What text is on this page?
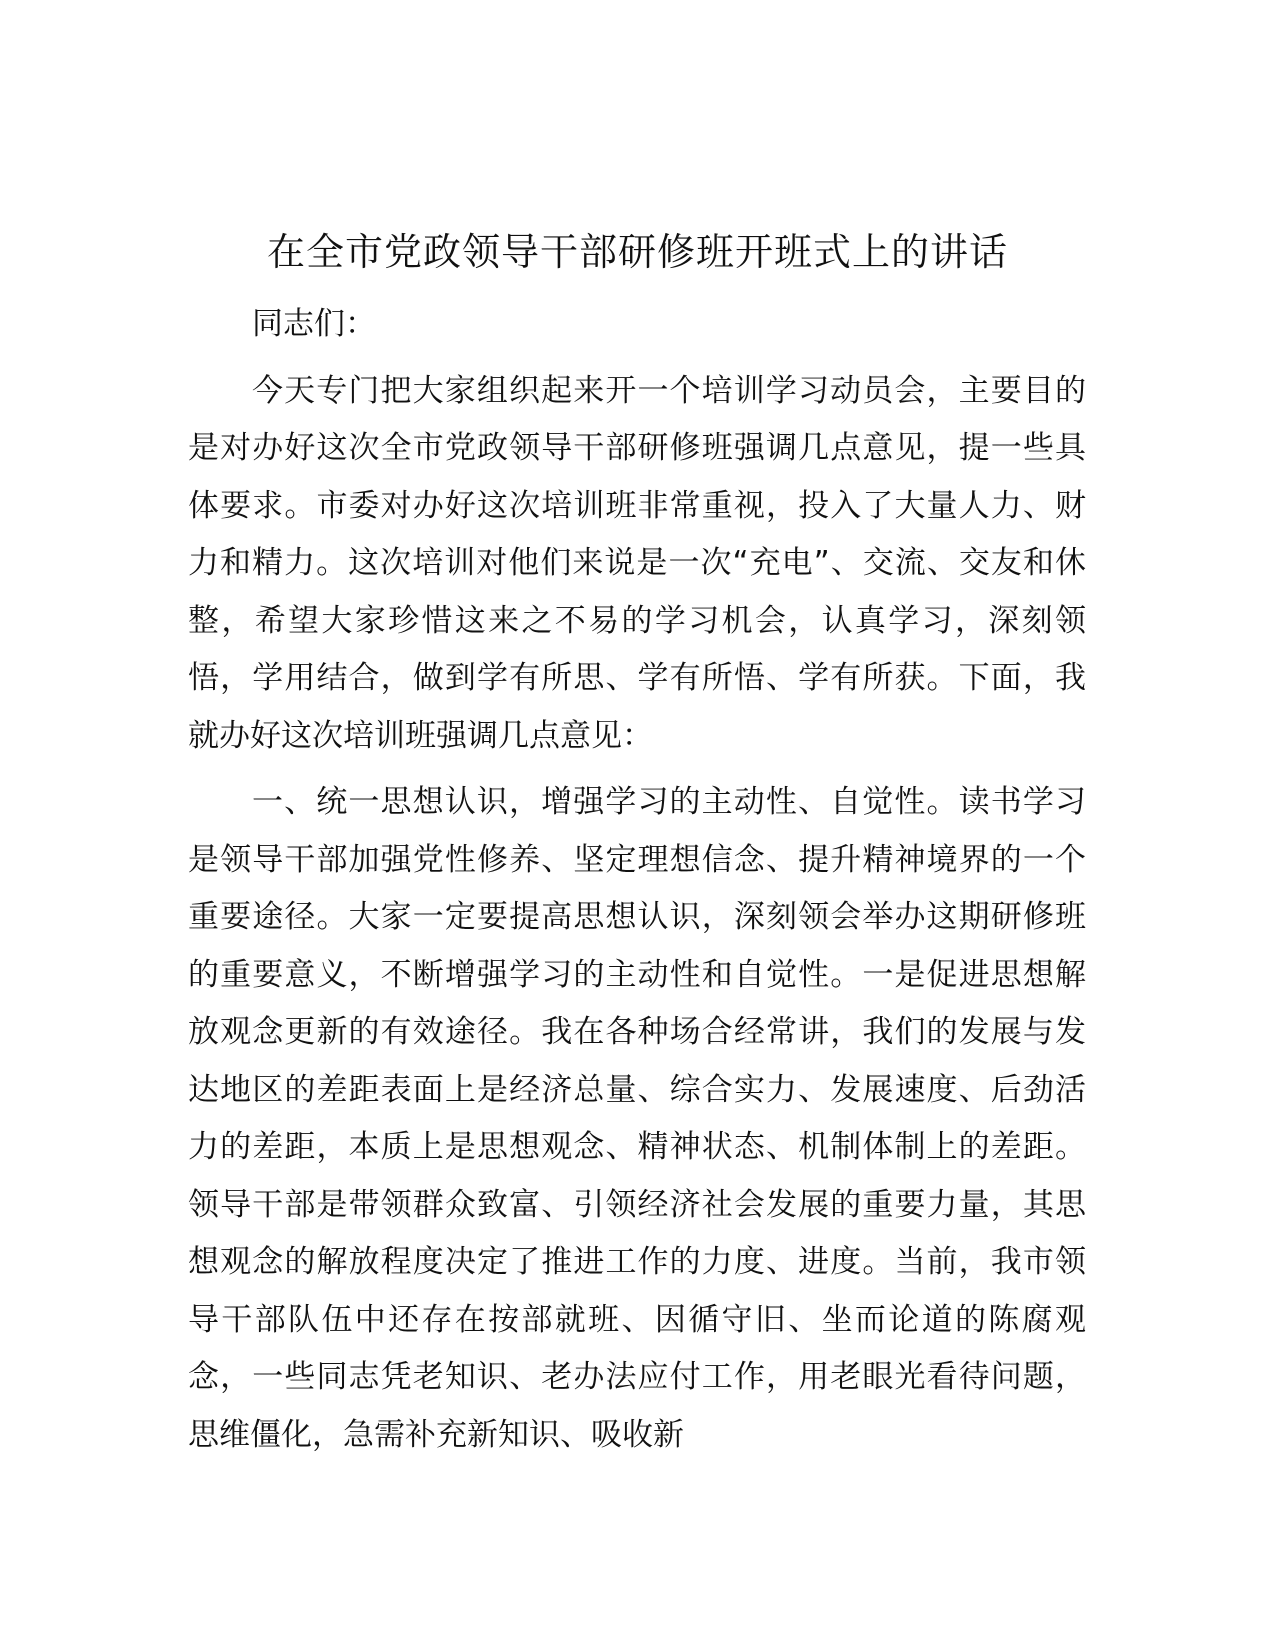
在全市党政领导干部研修班开班式上的讲话

同志们：

今天专门把大家组织起来开一个培训学习动员会，主要目的是对办好这次全市党政领导干部研修班强调几点意见，提一些具体要求。市委对办好这次培训班非常重视，投入了大量人力、财力和精力。这次培训对他们来说是一次“充电”、交流、交友和休整，希望大家珍惜这来之不易的学习机会，认真学习，深刻领悟，学用结合，做到学有所思、学有所悟、学有所获。下面，我就办好这次培训班强调几点意见：

一、统一思想认识，增强学习的主动性、自觉性。读书学习是领导干部加强党性修养、坚定理想信念、提升精神境界的一个重要途径。大家一定要提高思想认识，深刻领会举办这期研修班的重要意义，不断增强学习的主动性和自觉性。一是促进思想解放观念更新的有效途径。我在各种场合经常讲，我们的发展与发达地区的差距表面上是经济总量、综合实力、发展速度、后劲活力的差距，本质上是思想观念、精神状态、机制体制上的差距。领导干部是带领群众致富、引领经济社会发展的重要力量，其思想观念的解放程度决定了推进工作的力度、进度。当前，我市领导干部队伍中还存在按部就班、因循守旧、坐而论道的陈腐观念，一些同志凭老知识、老办法应付工作，用老眼光看待问题，思维僵化，急需补充新知识、吸收新
